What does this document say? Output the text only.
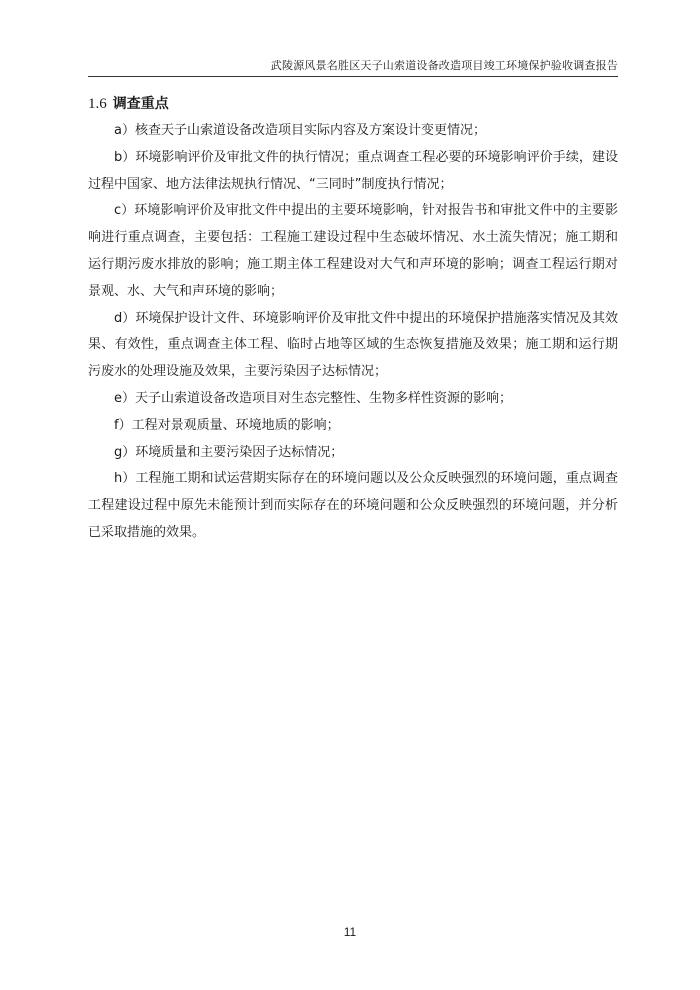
武陵源风景名胜区天子山索道设备改造项目竣工环境保护验收调查报告
1.6 调查重点

a）核查天子山索道设备改造项目实际内容及方案设计变更情况；

b）环境影响评价及审批文件的执行情况；重点调查工程必要的环境影响评价手续，建设过程中国家、地方法律法规执行情况、“三同时”制度执行情况；

c）环境影响评价及审批文件中提出的主要环境影响，针对报告书和审批文件中的主要影响进行重点调查，主要包括：工程施工建设过程中生态破坏情况、水土流失情况；施工期和运行期污废水排放的影响；施工期主体工程建设对大气和声环境的影响；调查工程运行期对景观、水、大气和声环境的影响；

d）环境保护设计文件、环境影响评价及审批文件中提出的环境保护措施落实情况及其效果、有效性，重点调查主体工程、临时占地等区域的生态恢复措施及效果；施工期和运行期污废水的处理设施及效果，主要污染因子达标情况；

e）天子山索道设备改造项目对生态完整性、生物多样性资源的影响；

f）工程对景观质量、环境地质的影响；

g）环境质量和主要污染因子达标情况；

h）工程施工期和试运营期实际存在的环境问题以及公众反映强烈的环境问题，重点调查工程建设过程中原先未能预计到而实际存在的环境问题和公众反映强烈的环境问题，并分析已采取措施的效果。

11
